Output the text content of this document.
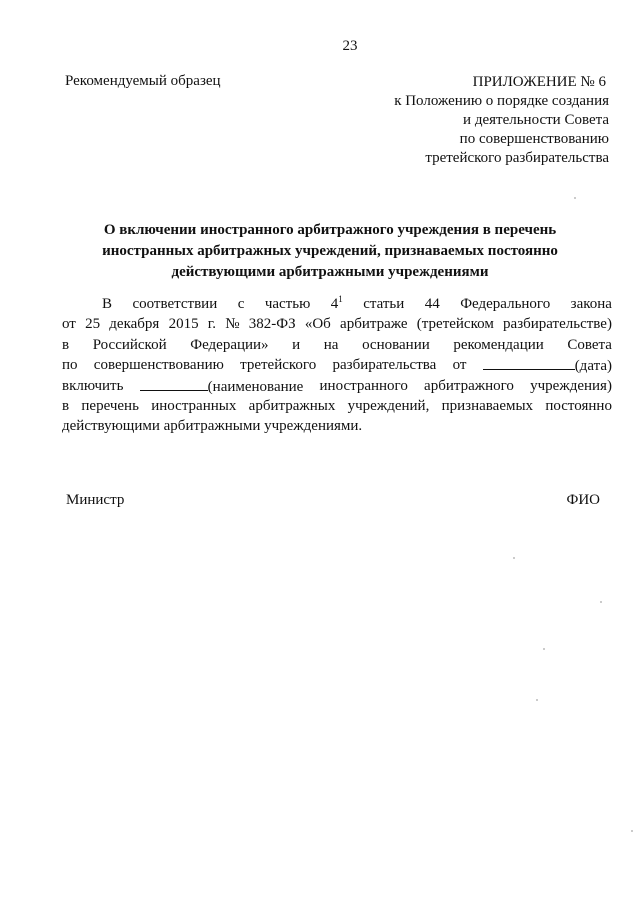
23
Рекомендуемый образец	ПРИЛОЖЕНИЕ № 6
к Положению о порядке создания
и деятельности Совета
по совершенствованию
третейского разбирательства
О включении иностранного арбитражного учреждения в перечень
иностранных арбитражных учреждений, признаваемых постоянно
действующими арбитражными учреждениями
В соответствии с частью $4^1$ статьи 44 Федерального закона
от 25 декабря 2015 г. № 382-ФЗ «Об арбитраже (третейском разбирательстве)
в Российской Федерации» и на основании рекомендации Совета
по совершенствованию третейского разбирательства от	(дата)
включить	(наименование иностранного арбитражного учреждения)
в перечень иностранных арбитражных учреждений, признаваемых постоянно
действующими арбитражными учреждениями.
Министр	ФИО
